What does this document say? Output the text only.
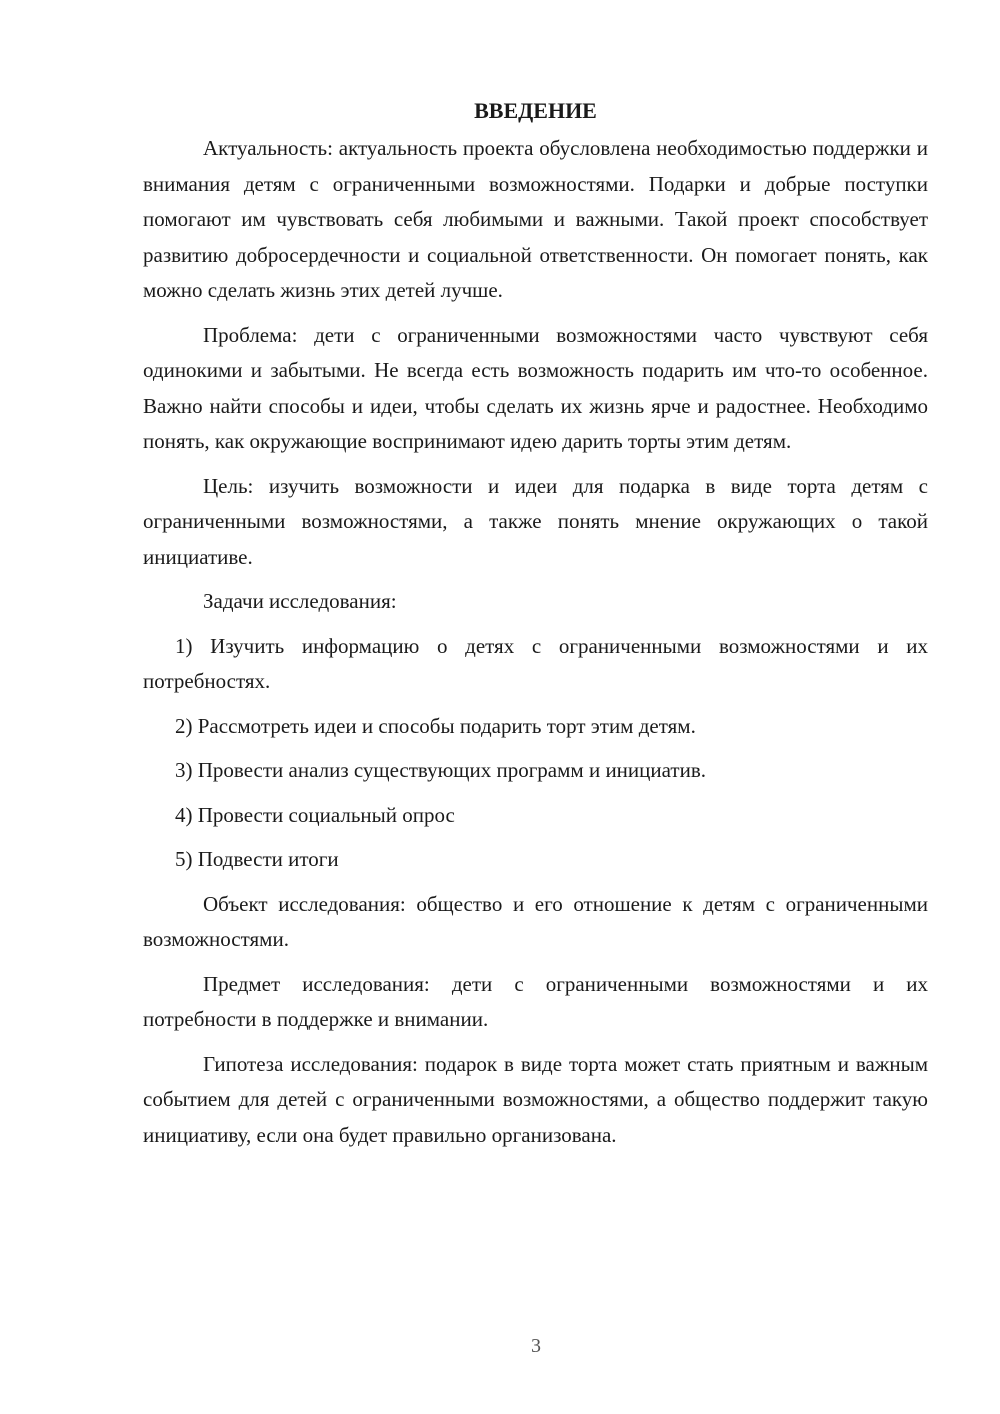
ВВЕДЕНИЕ

Актуальность: актуальность проекта обусловлена необходимостью поддержки и внимания детям с ограниченными возможностями. Подарки и добрые поступки помогают им чувствовать себя любимыми и важными. Такой проект способствует развитию добросердечности и социальной ответственности. Он помогает понять, как можно сделать жизнь этих детей лучше.

Проблема: дети с ограниченными возможностями часто чувствуют себя одинокими и забытыми. Не всегда есть возможность подарить им что-то особенное. Важно найти способы и идеи, чтобы сделать их жизнь ярче и радостнее. Необходимо понять, как окружающие воспринимают идею дарить торты этим детям.

Цель: изучить возможности и идеи для подарка в виде торта детям с ограниченными возможностями, а также понять мнение окружающих о такой инициативе.

Задачи исследования:

1) Изучить информацию о детях с ограниченными возможностями и их потребностях.

2) Рассмотреть идеи и способы подарить торт этим детям.

3) Провести анализ существующих программ и инициатив.

4) Провести социальный опрос

5) Подвести итоги

Объект исследования: общество и его отношение к детям с ограниченными возможностями.

Предмет исследования: дети с ограниченными возможностями и их потребности в поддержке и внимании.

Гипотеза исследования: подарок в виде торта может стать приятным и важным событием для детей с ограниченными возможностями, а общество поддержит такую инициативу, если она будет правильно организована.

3
